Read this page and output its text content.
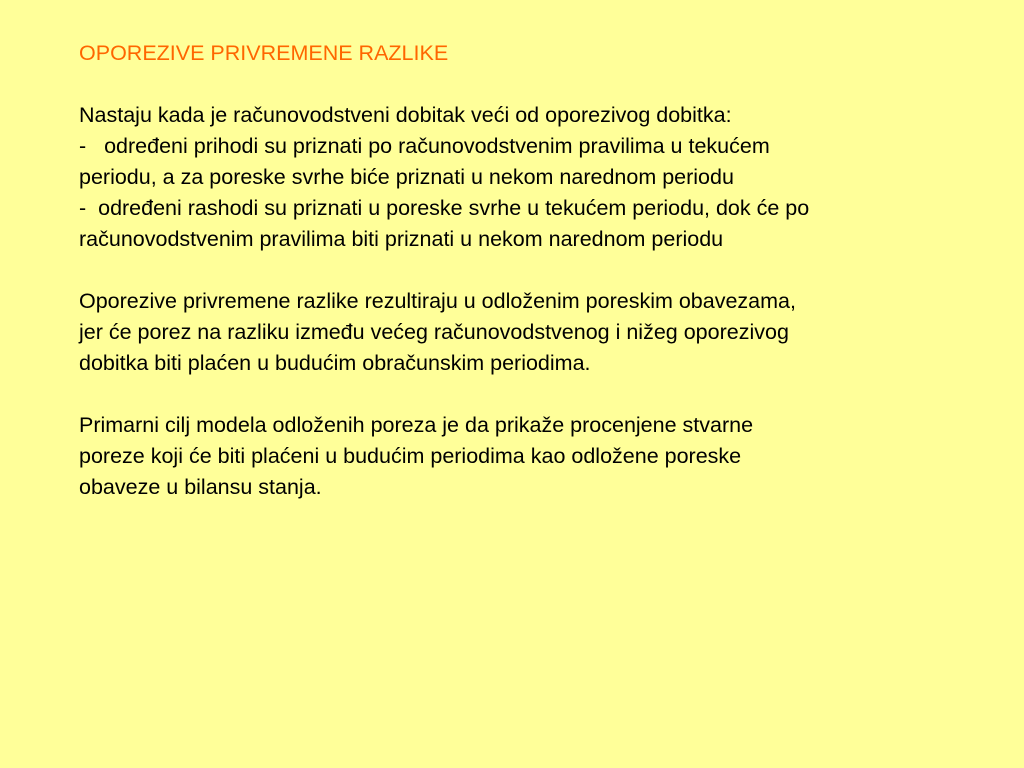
OPOREZIVE PRIVREMENE RAZLIKE
Nastaju kada je računovodstveni dobitak veći od oporezivog dobitka:
-   određeni prihodi su priznati po računovodstvenim pravilima u tekućem
periodu, a za poreske svrhe biće priznati u nekom narednom periodu
-  određeni rashodi su priznati u poreske svrhe u tekućem periodu, dok će po
računovodstvenim pravilima biti priznati u nekom narednom periodu
Oporezive privremene razlike rezultiraju u odloženim poreskim obavezama,
jer će porez na razliku između većeg računovodstvenog i nižeg oporezivog
dobitka biti plaćen u budućim obračunskim periodima.
Primarni cilj modela odloženih poreza je da prikaže procenjene stvarne
poreze koji će biti plaćeni u budućim periodima kao odložene poreske
obaveze u bilansu stanja.
